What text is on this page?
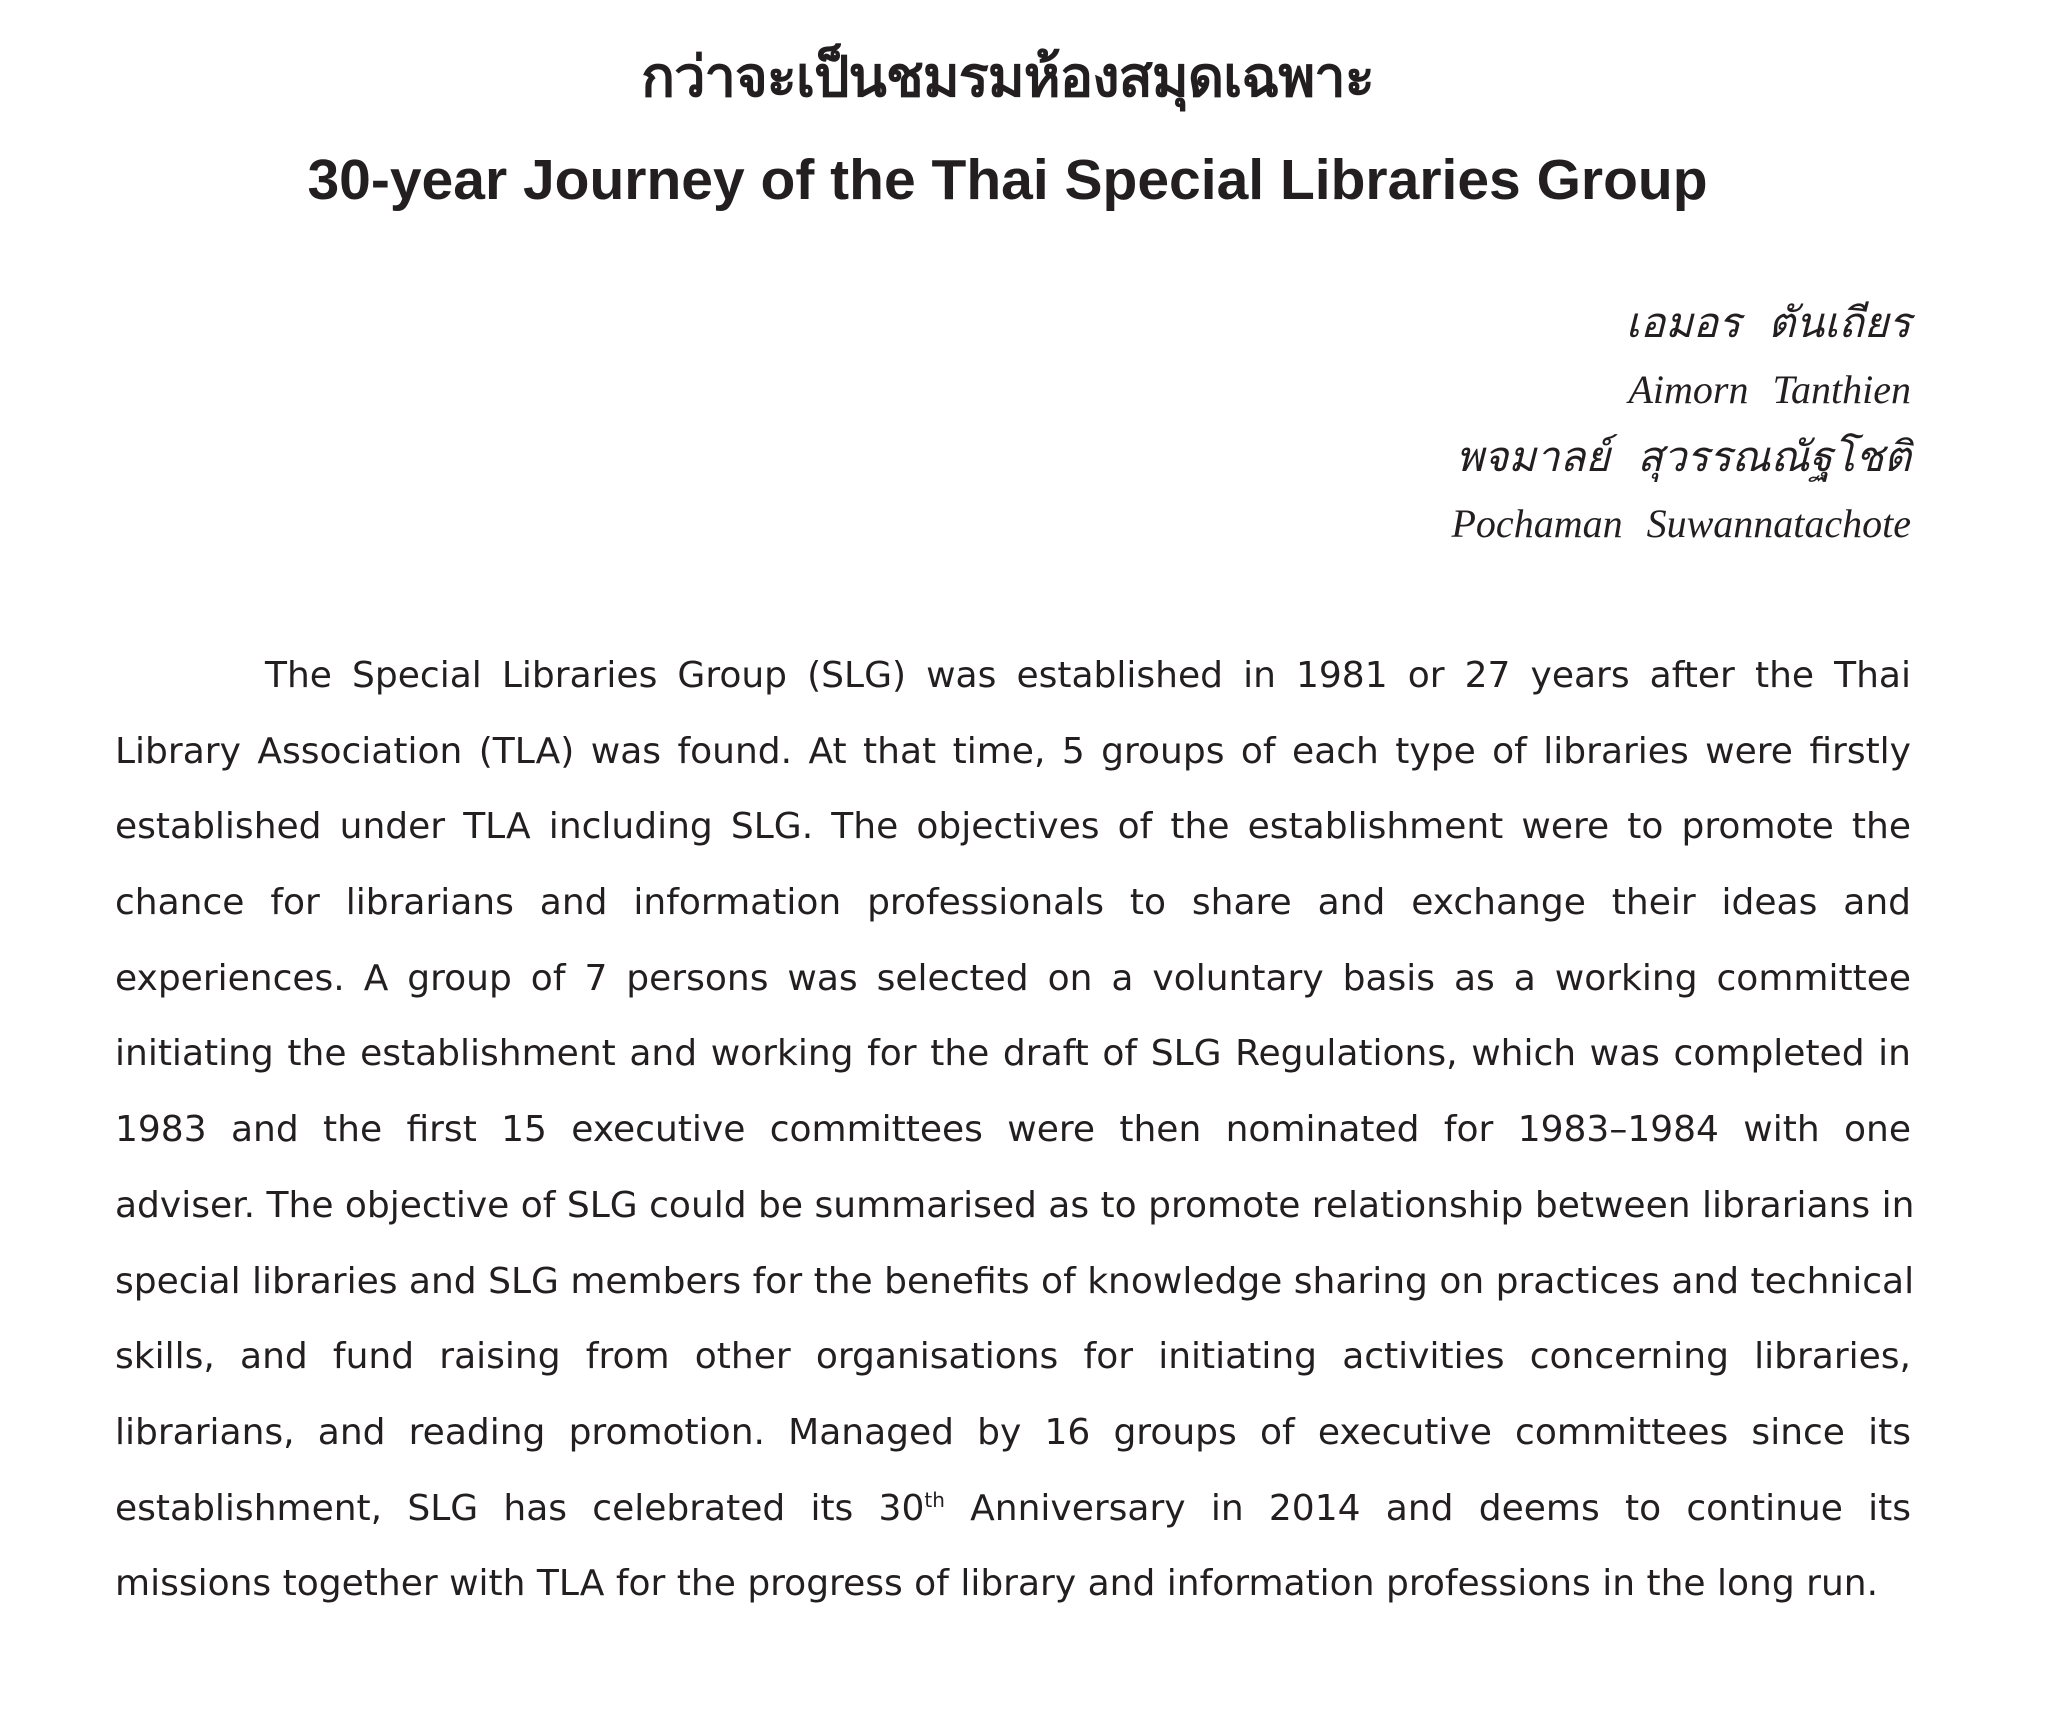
กว่าจะเป็นชมรมห้องสมุดเฉพาะ
30-year Journey of the Thai Special Libraries Group
เอมอร ตันเถียร
Aimorn Tanthien
พจมาลย์ สุวรรณณัฐโชติ
Pochaman Suwannatachote
The Special Libraries Group (SLG) was established in 1981 or 27 years after the Thai
Library Association (TLA) was found. At that time, 5 groups of each type of libraries were firstly
established under TLA including SLG. The objectives of the establishment were to promote the
chance for librarians and information professionals to share and exchange their ideas and
experiences. A group of 7 persons was selected on a voluntary basis as a working committee
initiating the establishment and working for the draft of SLG Regulations, which was completed in
1983 and the first 15 executive committees were then nominated for 1983–1984 with one
adviser. The objective of SLG could be summarised as to promote relationship between librarians in
special libraries and SLG members for the benefits of knowledge sharing on practices and technical
skills, and fund raising from other organisations for initiating activities concerning libraries,
librarians, and reading promotion. Managed by 16 groups of executive committees since its
establishment, SLG has celebrated its 30th Anniversary in 2014 and deems to continue its
missions together with TLA for the progress of library and information professions in the long run.
